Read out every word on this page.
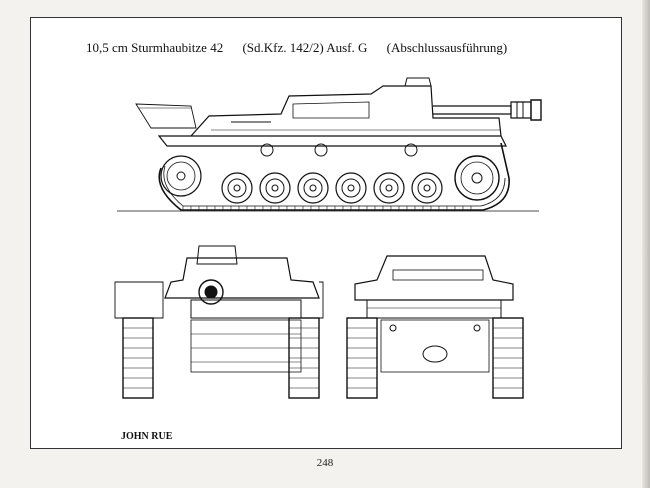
10,5 cm Sturmhaubitze 42 (Sd.Kfz. 142/2) Ausf. G (Abschlussausführung)
JOHN RUE
248
